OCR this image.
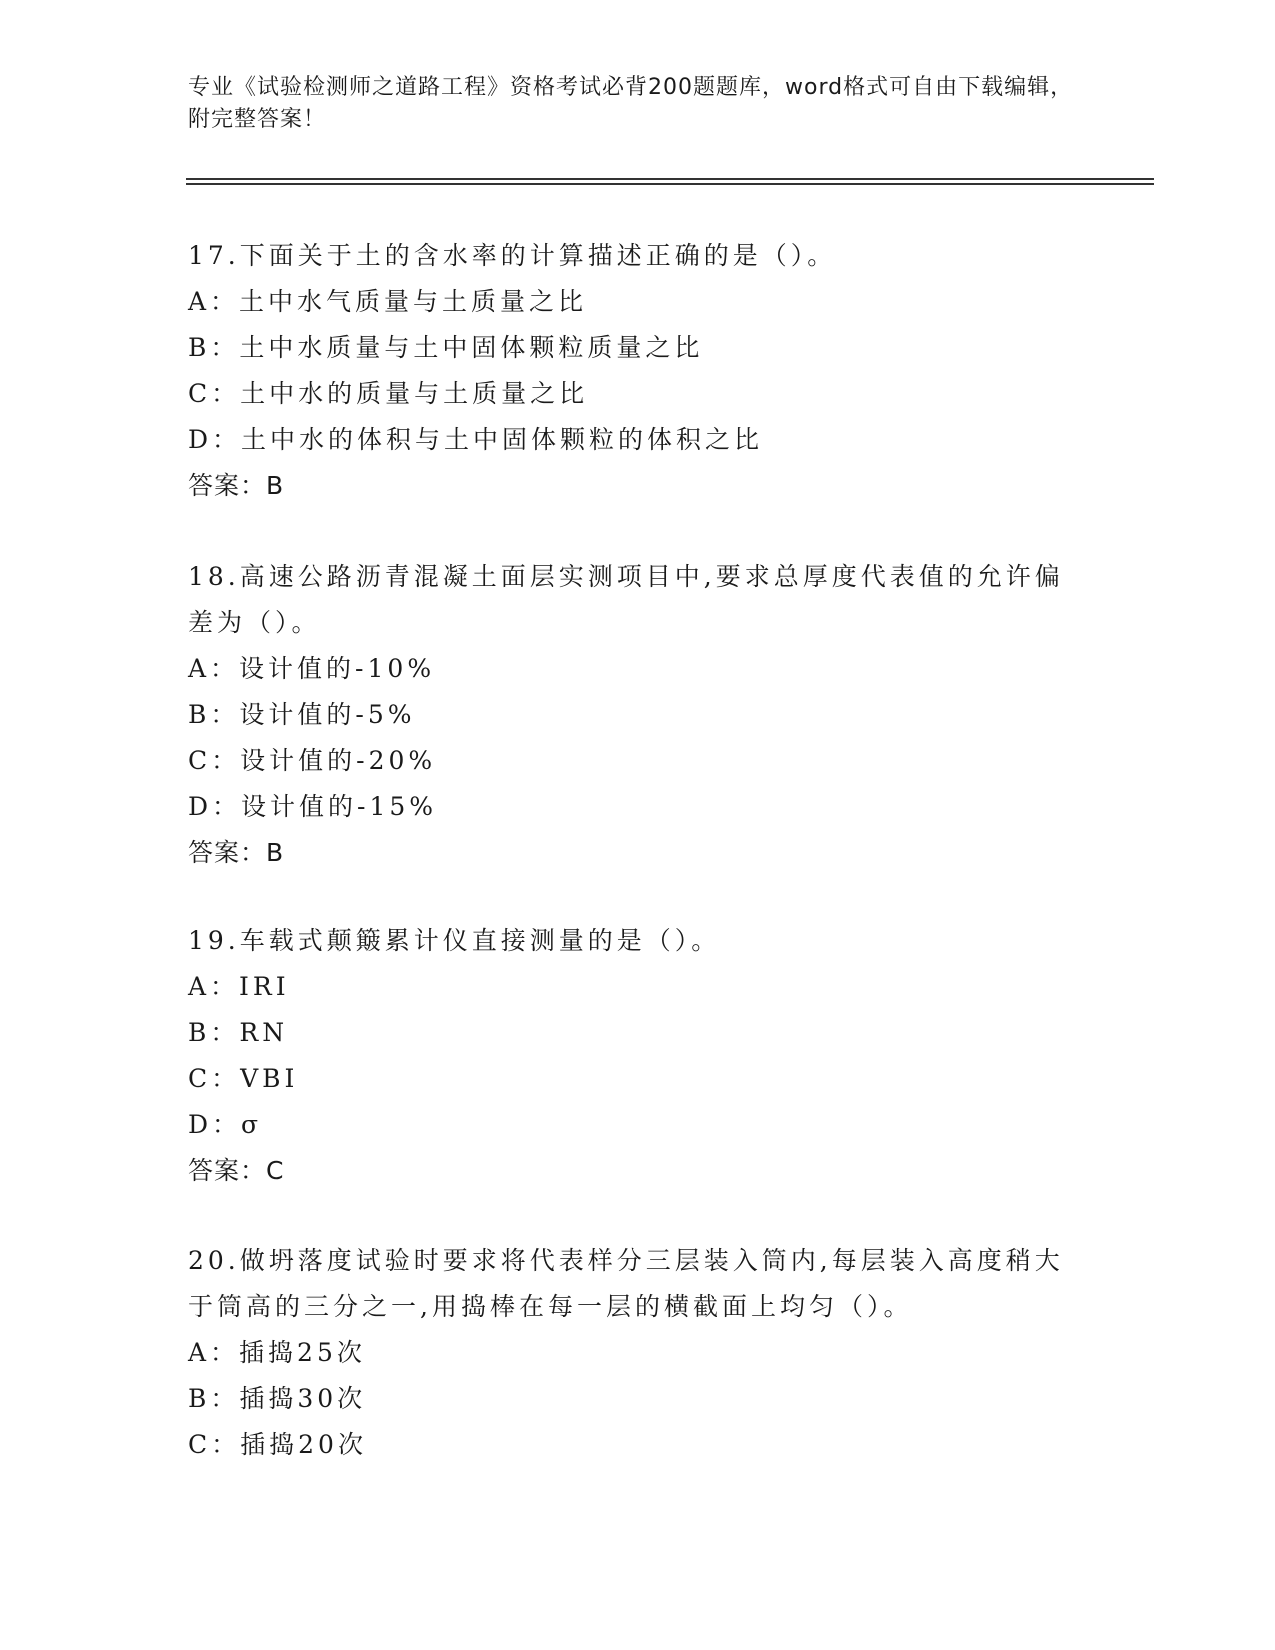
专业《试验检测师之道路工程》资格考试必背200题题库，word格式可自由下载编辑，附完整答案！

17.下面关于土的含水率的计算描述正确的是（）。

A：土中水气质量与土质量之比

B：土中水质量与土中固体颗粒质量之比

C：土中水的质量与土质量之比

D：土中水的体积与土中固体颗粒的体积之比

答案：B

18.高速公路沥青混凝土面层实测项目中,要求总厚度代表值的允许偏差为（）。

A：设计值的-10%

B：设计值的-5%

C：设计值的-20%

D：设计值的-15%

答案：B

19.车载式颠簸累计仪直接测量的是（）。

A：IRI

B：RN

C：VBI

D：σ

答案：C

20.做坍落度试验时要求将代表样分三层装入筒内,每层装入高度稍大于筒高的三分之一,用捣棒在每一层的横截面上均匀（）。

A：插捣25次

B：插捣30次

C：插捣20次
